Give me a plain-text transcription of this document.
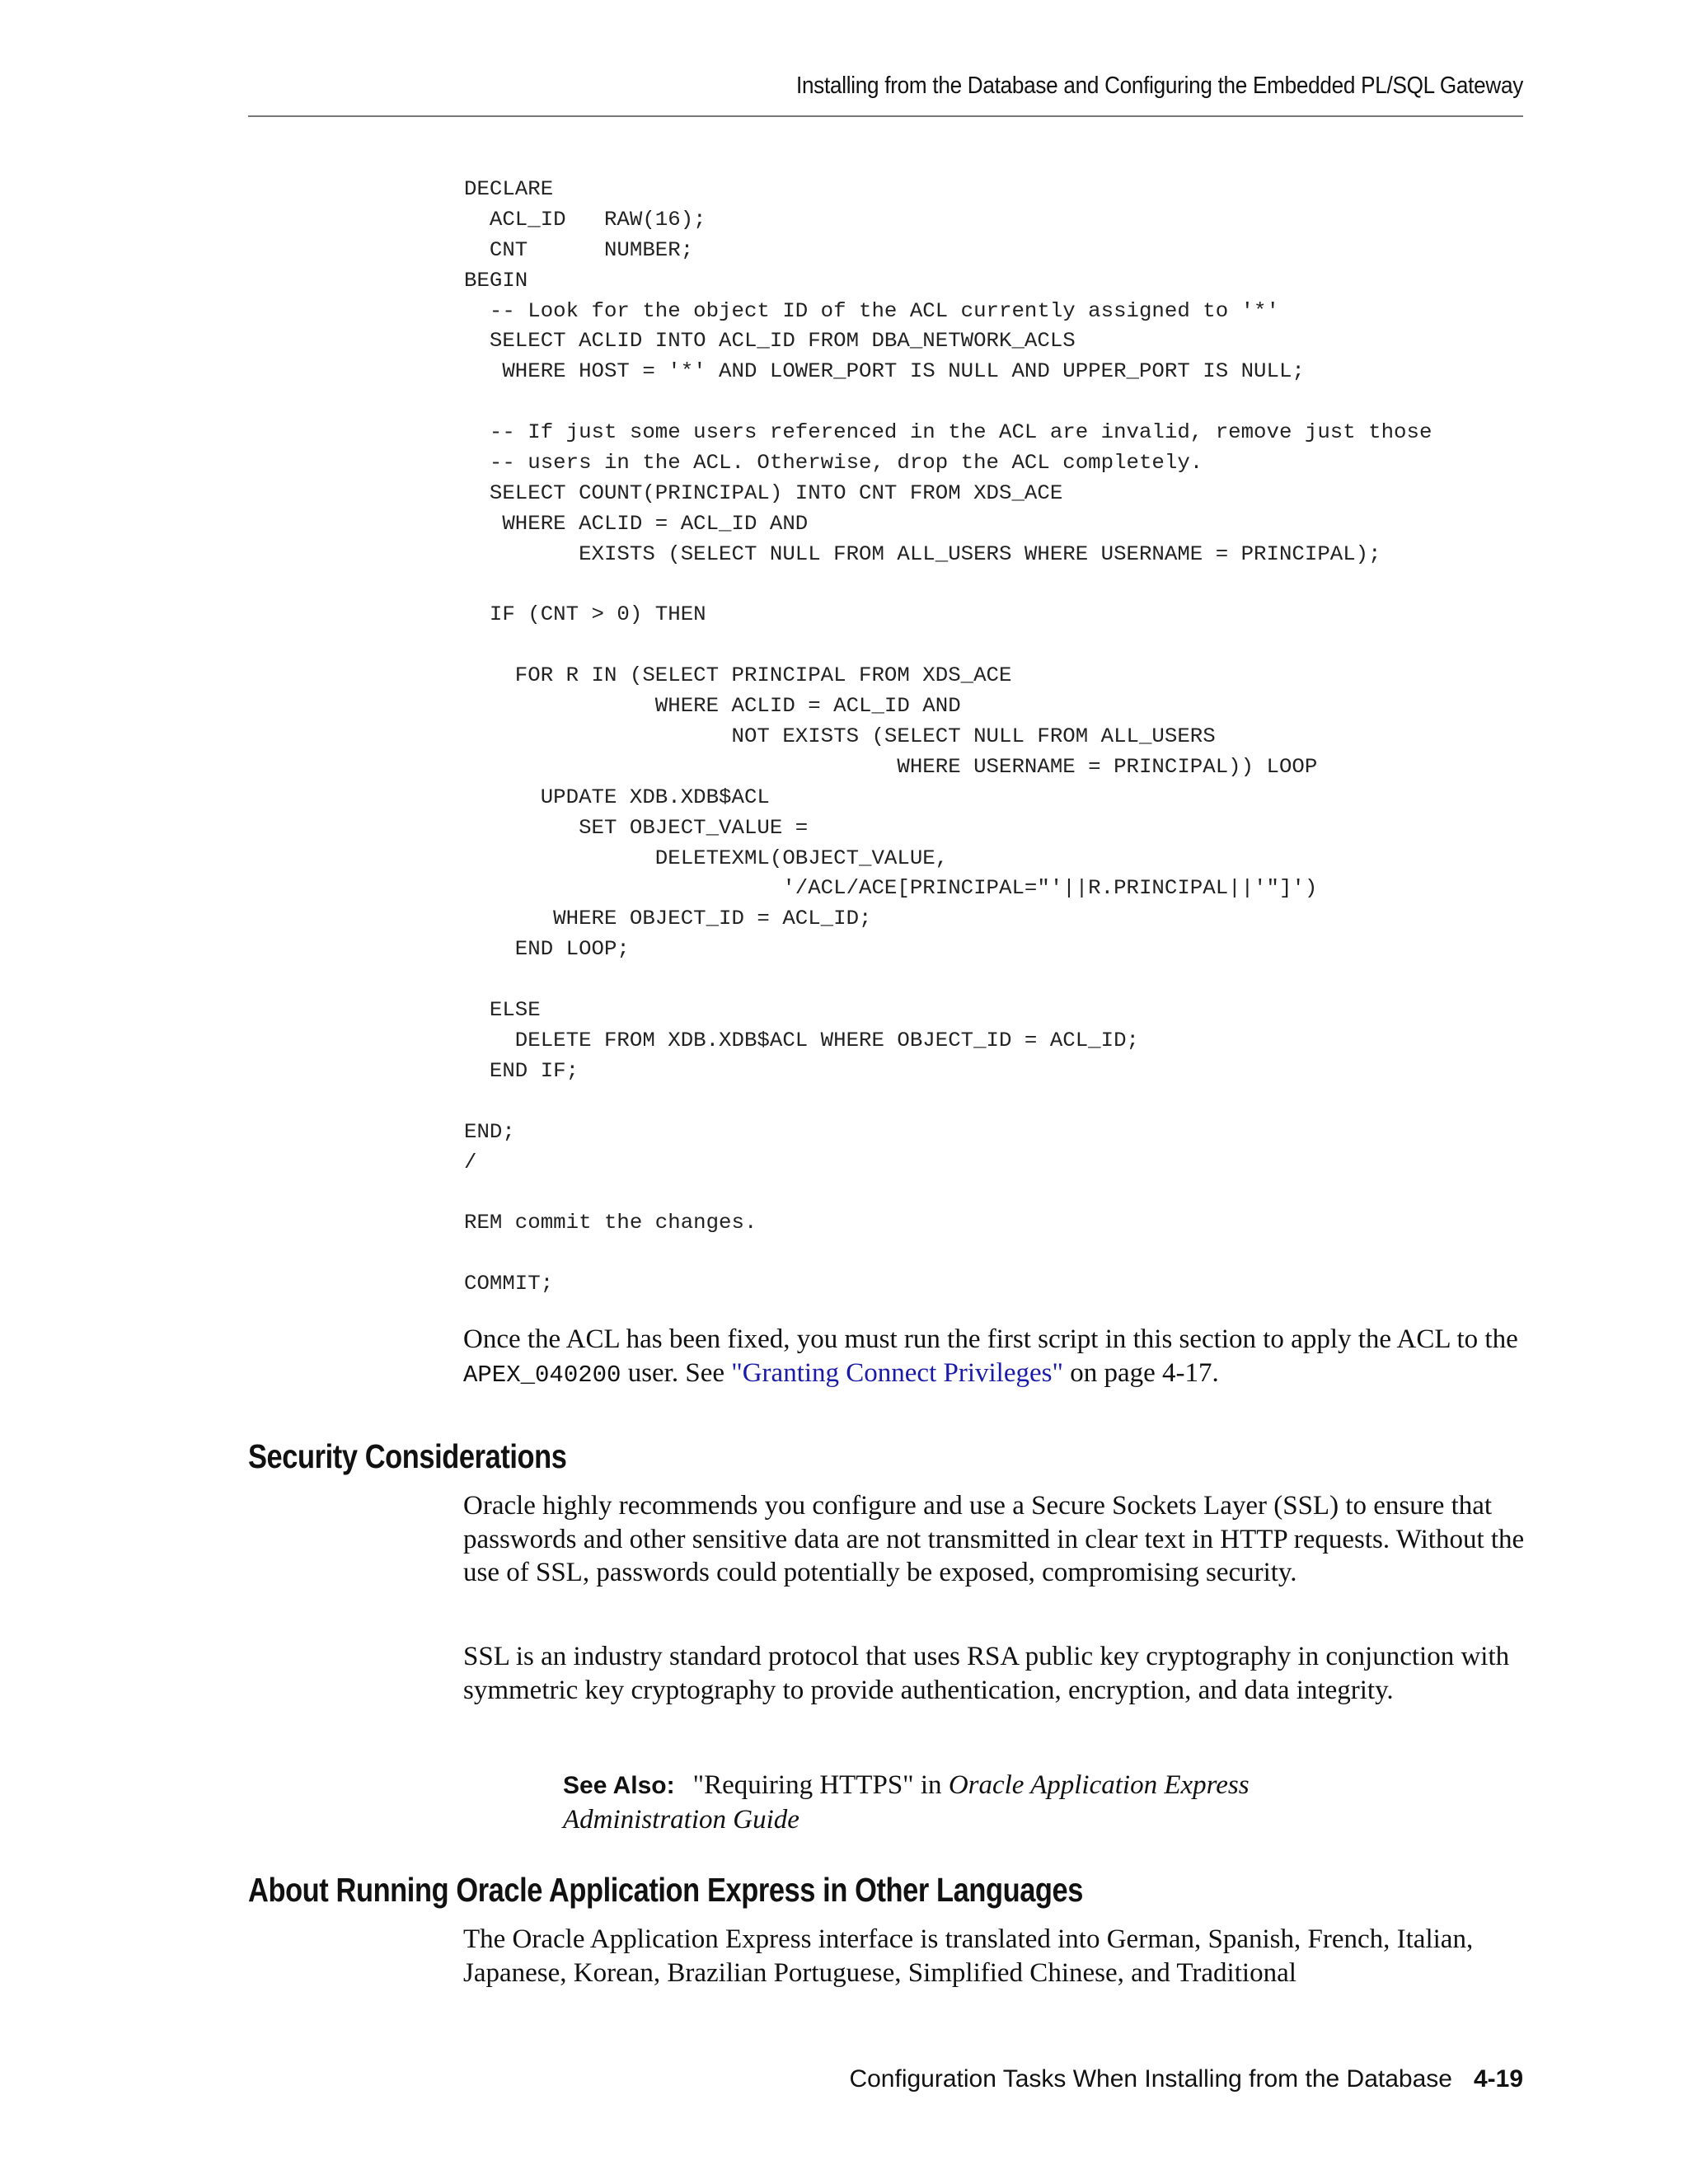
Installing from the Database and Configuring the Embedded PL/SQL Gateway
DECLARE
ACL_ID   RAW(16);
CNT      NUMBER;
BEGIN
-- Look for the object ID of the ACL currently assigned to '*'
SELECT ACLID INTO ACL_ID FROM DBA_NETWORK_ACLS
WHERE HOST = '*' AND LOWER_PORT IS NULL AND UPPER_PORT IS NULL;

-- If just some users referenced in the ACL are invalid, remove just those
-- users in the ACL. Otherwise, drop the ACL completely.
SELECT COUNT(PRINCIPAL) INTO CNT FROM XDS_ACE
WHERE ACLID = ACL_ID AND
EXISTS (SELECT NULL FROM ALL_USERS WHERE USERNAME = PRINCIPAL);

IF (CNT > 0) THEN

FOR R IN (SELECT PRINCIPAL FROM XDS_ACE
WHERE ACLID = ACL_ID AND
NOT EXISTS (SELECT NULL FROM ALL_USERS
WHERE USERNAME = PRINCIPAL)) LOOP
UPDATE XDB.XDB$ACL
SET OBJECT_VALUE =
DELETEXML(OBJECT_VALUE,
'/ACL/ACE[PRINCIPAL="'||R.PRINCIPAL||'"]')
WHERE OBJECT_ID = ACL_ID;
END LOOP;

ELSE
DELETE FROM XDB.XDB$ACL WHERE OBJECT_ID = ACL_ID;
END IF;

END;
/

REM commit the changes.

COMMIT;

Once the ACL has been fixed, you must run the first script in this section to apply the ACL to the APEX_040200 user. See "Granting Connect Privileges" on page 4-17.

Security Considerations

Oracle highly recommends you configure and use a Secure Sockets Layer (SSL) to ensure that passwords and other sensitive data are not transmitted in clear text in HTTP requests. Without the use of SSL, passwords could potentially be exposed, compromising security.

SSL is an industry standard protocol that uses RSA public key cryptography in conjunction with symmetric key cryptography to provide authentication, encryption, and data integrity.

See Also: "Requiring HTTPS" in Oracle Application Express Administration Guide
About Running Oracle Application Express in Other Languages

The Oracle Application Express interface is translated into German, Spanish, French, Italian, Japanese, Korean, Brazilian Portuguese, Simplified Chinese, and Traditional

Configuration Tasks When Installing from the Database 4-19
